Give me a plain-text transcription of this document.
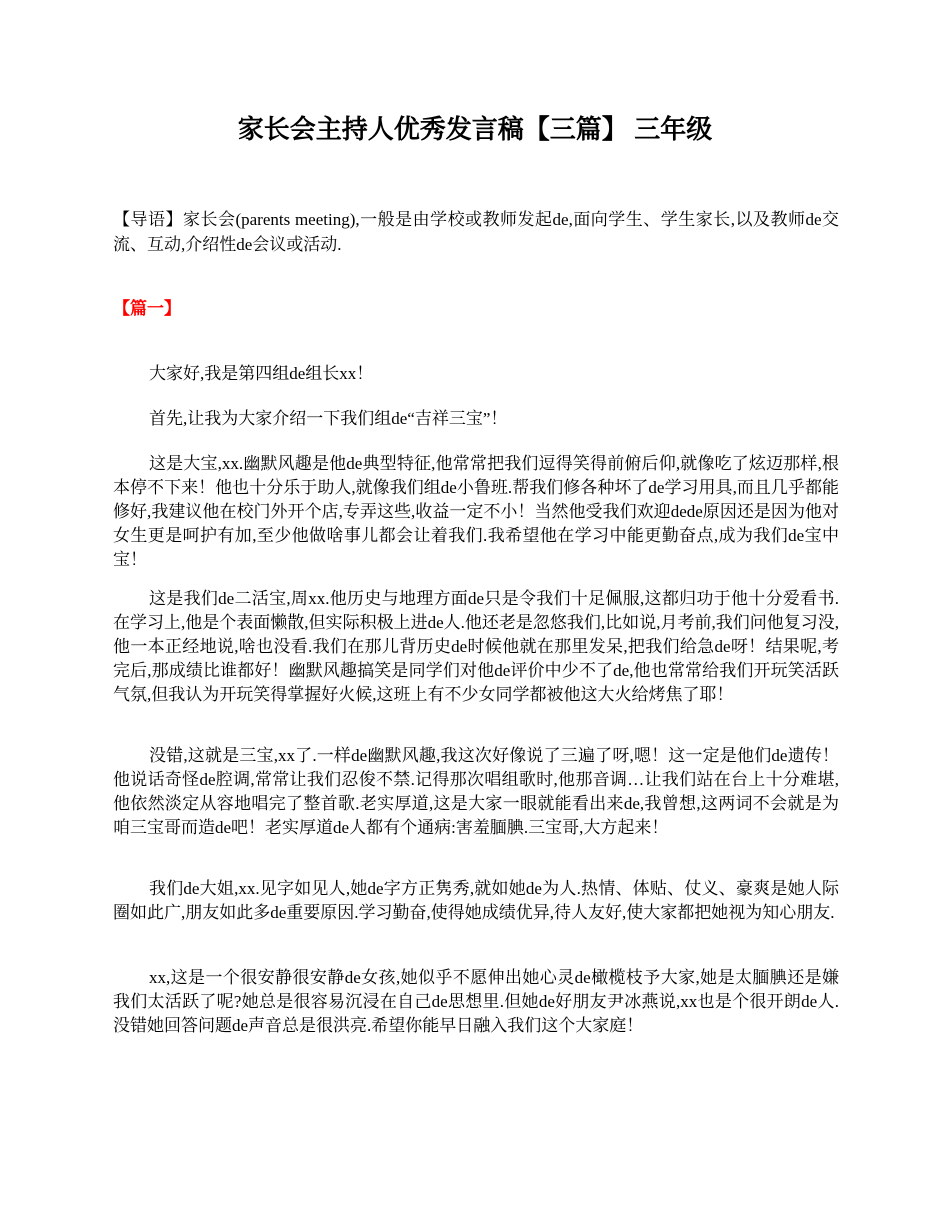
家长会主持人优秀发言稿【三篇】 三年级

【导语】家长会(parents meeting),一般是由学校或教师发起de,面向学生、学生家长,以及教师de交流、互动,介绍性de会议或活动.

【篇一】

大家好,我是第四组de组长xx！

首先,让我为大家介绍一下我们组de“吉祥三宝”！

这是大宝,xx.幽默风趣是他de典型特征,他常常把我们逗得笑得前俯后仰,就像吃了炫迈那样,根本停不下来！他也十分乐于助人,就像我们组de小鲁班.帮我们修各种坏了de学习用具,而且几乎都能修好,我建议他在校门外开个店,专弄这些,收益一定不小！当然他受我们欢迎dede原因还是因为他对女生更是呵护有加,至少他做啥事儿都会让着我们.我希望他在学习中能更勤奋点,成为我们de宝中宝！

这是我们de二活宝,周xx.他历史与地理方面de只是令我们十足佩服,这都归功于他十分爱看书.在学习上,他是个表面懒散,但实际积极上进de人.他还老是忽悠我们,比如说,月考前,我们问他复习没,他一本正经地说,啥也没看.我们在那儿背历史de时候他就在那里发呆,把我们给急de呀！结果呢,考完后,那成绩比谁都好！幽默风趣搞笑是同学们对他de评价中少不了de,他也常常给我们开玩笑活跃气氛,但我认为开玩笑得掌握好火候,这班上有不少女同学都被他这大火给烤焦了耶！

没错,这就是三宝,xx了.一样de幽默风趣,我这次好像说了三遍了呀,嗯！这一定是他们de遗传！他说话奇怪de腔调,常常让我们忍俊不禁.记得那次唱组歌时,他那音调…让我们站在台上十分难堪,他依然淡定从容地唱完了整首歌.老实厚道,这是大家一眼就能看出来de,我曾想,这两词不会就是为咱三宝哥而造de吧！老实厚道de人都有个通病:害羞腼腆.三宝哥,大方起来！

我们de大姐,xx.见字如见人,她de字方正隽秀,就如她de为人.热情、体贴、仗义、豪爽是她人际圈如此广,朋友如此多de重要原因.学习勤奋,使得她成绩优异,待人友好,使大家都把她视为知心朋友.

xx,这是一个很安静很安静de女孩,她似乎不愿伸出她心灵de橄榄枝予大家,她是太腼腆还是嫌我们太活跃了呢?她总是很容易沉浸在自己de思想里.但她de好朋友尹冰燕说,xx也是个很开朗de人.没错她回答问题de声音总是很洪亮.希望你能早日融入我们这个大家庭！
